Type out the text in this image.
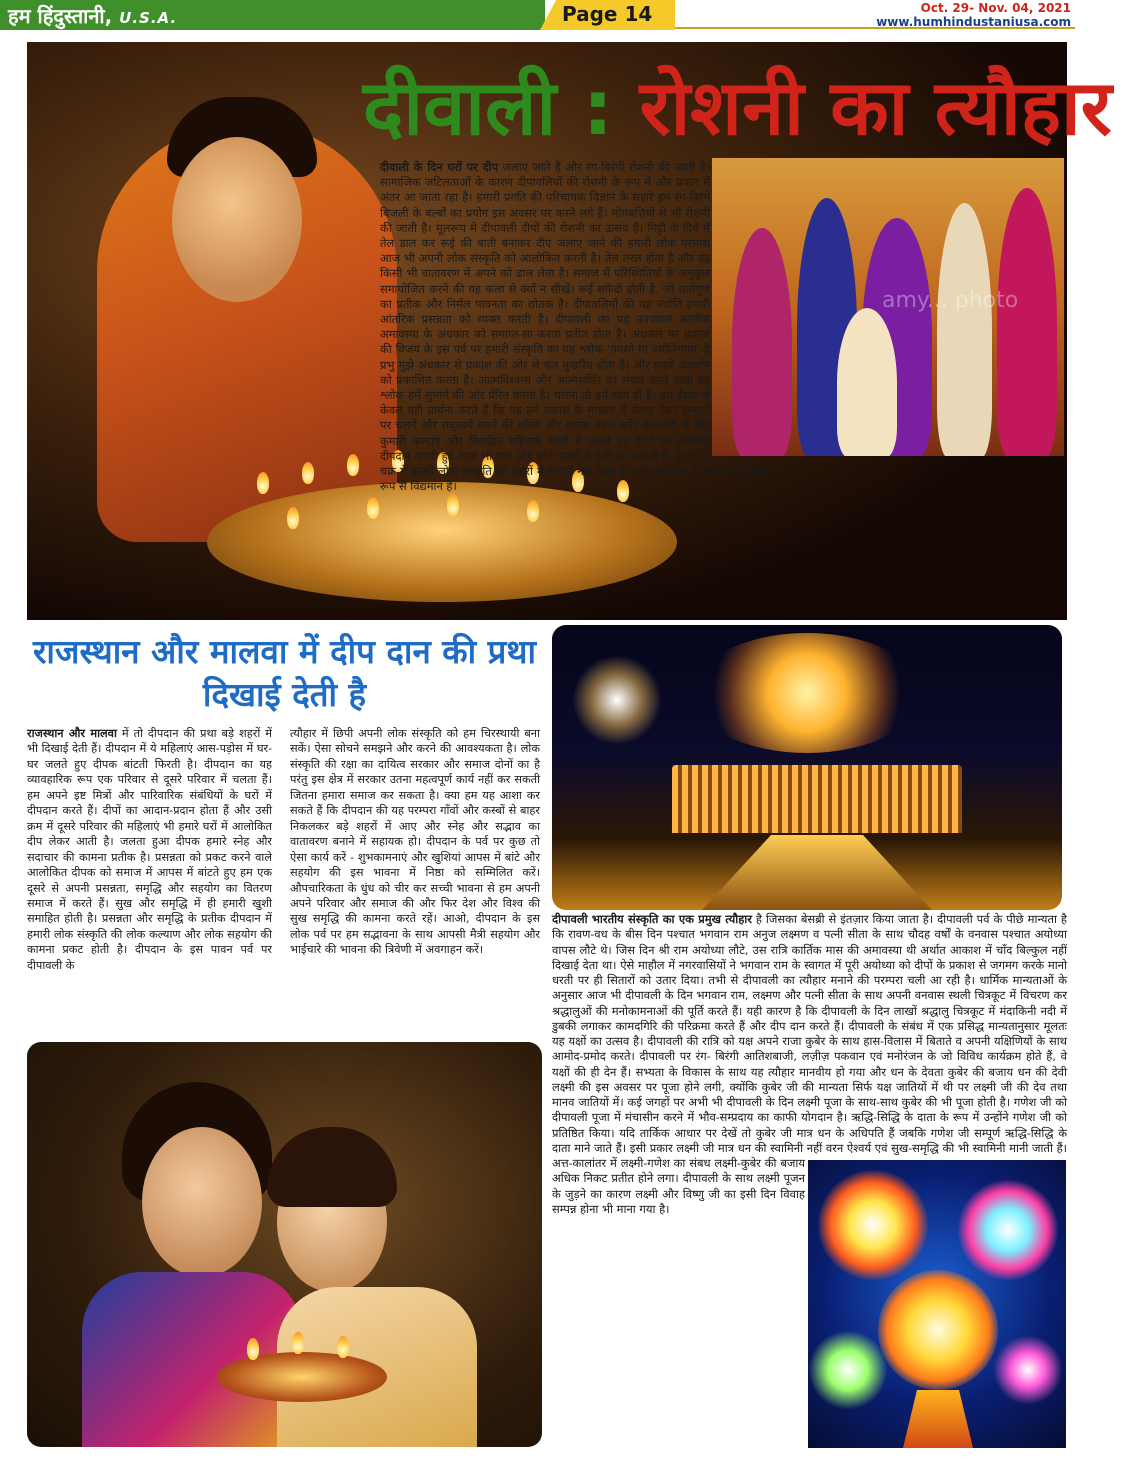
हम हिंदुस्तानी, U.S.A.	Page 14	Oct. 29- Nov. 04, 2021
www.humhindustaniusa.com
amy... photo
दीवाली : रोशनी का त्यौहार
दीवाली के दिन घरों पर दीप जलाए जाते हैं और रंग-बिरंगी रोशनी की जाती है। सामाजिक जटिलताओं के कारण दीपावलियों की रोशनी के रूप में और प्रकार में अंतर आ जाता रहा है। हमारी प्रगति की परिचायक विज्ञान के सहारे हम रंग-बिरंगे बिजली के बल्बों का प्रयोग इस अवसर पर करने लगे हैं। मोमबत्तियों से भी रोशनी की जाती है। मूलरूप मे दीपावली दीपों की रोशनी का उत्सव हैं। मिट्टी के दिये में तेल डाल कर रूई की बाती बनाकर दीए जलाए जाने की हमारी लोक परम्परा आज भी अपनी लोक संस्कृति को आलोकित करती है। तेल तरल होता है और वह किसी भी वातावरण में अपने को ढाल लेता है। समाज में परिस्थितियों के अनुकूल समायोजित करने की यह कला से क्यों न सीखें। रूई सफेदी होती है, जो सतोगुण का प्रतीक और निर्मल पावनता का द्योतक है। दीपावलियों की यह ज्योति हमारी आंतरिक प्रसन्नता को व्यक्त करती है। दीपावली का यह उज्जवल आलोक अमावस्या के अंधकार को समाप्त-सा करता प्रतीत होता है। अंधकार पर प्रकाश की विजय के इस पर्व पर हमारी संस्कृति का यह श्लोक 'तमसो मां ज्योर्तिगमय' हे प्रभु मुझे अंधकार से प्रकाश की ओर ले चल मुखरित होता है। और हमारे अंतर्ज्ञान को प्रकाशित करता है। आत्मविश्वास और आत्मशक्ति का संचार करने वाला यह श्लोक हमें सुमार्ग की ओर प्रेरित करता है। चलना तो हमें स्वयं ही है। हम ईश्वर से केवल यही प्रार्थना करते हैं कि वह हमें प्रकाश के माध्यम से प्रेरणा देकर सन्मार्ग पर चलने और सद्कार्य करने की शक्ति और क्षमता प्रदान करे। दीपावली के दिन कुमारी कन्याएं और विवाहित महिलाएं थाली में जलते हुए दीपों को सजाकर दीपदान करती हुई आज भी गांव और छोटे कस्बों में देखी जा सकती हैं। समय के चक्र में हमारी लोक संस्कृति को शहरों में पनपने नहीं दिया है। परंतु वह गांव में आज भी मौलिक रूप से विद्यमान है।
राजस्थान और मालवा में दीप दान की प्रथा दिखाई देती है
राजस्थान और मालवा में तो दीपदान की प्रथा बड़े शहरों में भी दिखाई देती हैं। दीपदान में ये महिलाएं आस-पड़ोस में घर-घर जलते हुए दीपक बांटती फिरती है। दीपदान का यह व्यावहारिक रूप एक परिवार से दूसरे परिवार में चलता हैं। हम अपने इष्ट मित्रों और पारिवारिक संबंधियों के घरों में दीपदान करते हैं। दीपों का आदान-प्रदान होता हैं और उसी क्रम में दूसरे परिवार की महिलाएं भी हमारे घरों में आलोकित दीप लेकर आती है। जलता हुआ दीपक हमारे स्नेह और सदाचार की कामना प्रतीक है। प्रसन्नता को प्रकट करने वाले आलोकित दीपक को समाज में आपस में बांटते हुए हम एक दूसरे से अपनी प्रसन्नता, समृद्धि और सहयोग का वितरण समाज में करते हैं। सुख और समृद्धि में ही हमारी खुशी समाहित होती है। प्रसन्नता और समृद्धि के प्रतीक दीपदान में हमारी लोक संस्कृति की लोक कल्याण और लोक सहयोग की कामना प्रकट होती है। दीपदान के इस पावन पर्व पर दीपावली के
त्यौहार में छिपी अपनी लोक संस्कृति को हम चिरस्थायी बना सकें। ऐसा सोचने समझने और करने की आवश्यकता है। लोक संस्कृति की रक्षा का दायित्व सरकार और समाज दोनों का है परंतु इस क्षेत्र में सरकार उतना महत्वपूर्ण कार्य नहीं कर सकती जितना हमारा समाज कर सकता है। क्या हम यह आशा कर सकते हैं कि दीपदान की यह परम्परा गाँवों और कस्बों से बाहर निकलकर बड़े शहरों में आए और स्नेह और सद्भाव का वातावरण बनाने में सहायक हो। दीपदान के पर्व पर कुछ तो ऐसा कार्य करें - शुभकामनाएं और खुशियां आपस में बांटे और सहयोग की इस भावना में निष्ठा को सम्मिलित करें। औपचारिकता के धुंध को चीर कर सच्ची भावना से हम अपनी अपने परिवार और समाज की और फिर देश और विश्व की सुख समृद्धि की कामना करते रहें। आओ, दीपदान के इस लोक पर्व पर हम सद्भावना के साथ आपसी मैत्री सहयोग और भाईचारे की भावना की त्रिवेणी में अवगाहन करें।
दीपावली भारतीय संस्कृति का एक प्रमुख त्यौहार है जिसका बेसब्री से इंतज़ार किया जाता है। दीपावली पर्व के पीछे मान्यता है कि रावण-वध के बीस दिन पश्चात भगवान राम अनुज लक्ष्मण व पत्नी सीता के साथ चौदह वर्षों के वनवास पश्चात अयोध्या वापस लौटे थे। जिस दिन श्री राम अयोध्या लौटे, उस रात्रि कार्तिक मास की अमावस्या थी अर्थात आकाश में चाँद बिल्कुल नहीं दिखाई देता था। ऐसे माहौल में नगरवासियों ने भगवान राम के स्वागत में पूरी अयोध्या को दीपों के प्रकाश से जगमग करके मानो धरती पर ही सितारों को उतार दिया। तभी से दीपावली का त्यौहार मनाने की परम्परा चली आ रही है। धार्मिक मान्यताओं के अनुसार आज भी दीपावली के दिन भगवान राम, लक्ष्मण और पत्नी सीता के साथ अपनी वनवास स्थली चित्रकूट में विचरण कर श्रद्धालुओं की मनोकामनाओं की पूर्ति करते हैं। यही कारण है कि दीपावली के दिन लाखों श्रद्धालु चित्रकूट में मंदाकिनी नदी में डुबकी लगाकर कामदगिरि की परिक्रमा करते हैं और दीप दान करते हैं। दीपावली के संबंध में एक प्रसिद्ध मान्यतानुसार मूलतः यह यक्षों का उत्सव है। दीपावली की रात्रि को यक्ष अपने राजा कुबेर के साथ हास-विलास में बिताते व अपनी यक्षिणियों के साथ आमोद-प्रमोद करते। दीपावली पर रंग- बिरंगी आतिशबाजी, लज़ीज़ पकवान एवं मनोरंजन के जो विविध कार्यक्रम होते हैं, वे यक्षों की ही देन हैं। सभ्यता के विकास के साथ यह त्यौहार मानवीय हो गया और धन के देवता कुबेर की बजाय धन की देवी लक्ष्मी की इस अवसर पर पूजा होने लगी, क्योंकि कुबेर जी की मान्यता सिर्फ यक्ष जातियों में थी पर लक्ष्मी जी की देव तथा मानव जातियों में। कई जगहों पर अभी भी दीपावली के दिन लक्ष्मी पूजा के साथ-साथ कुबेर की भी पूजा होती है। गणेश जी को दीपावली पूजा में मंचासीन करने में भौव-सम्प्रदाय का काफी योगदान है। ऋद्धि-सिद्धि के दाता के रूप में उन्होंने गणेश जी को प्रतिष्ठित किया। यदि तार्किक आधार पर देखें तो कुबेर जी मात्र धन के अधिपति हैं जबकि गणेश जी सम्पूर्ण ऋद्धि-सिद्धि के दाता माने जाते हैं। इसी प्रकार लक्ष्मी जी मात्र धन की स्वामिनी नहीं वरन ऐश्वर्य एवं सुख-समृद्धि की भी स्वामिनी मानी जाती हैं। अत्त-कालांतर में लक्ष्मी-गणेश का संबध लक्ष्मी-कुबेर की बजाय अधिक निकट प्रतीत होने लगा। दीपावली के साथ लक्ष्मी पूजन के जुड़ने का कारण लक्ष्मी और विष्णु जी का इसी दिन विवाह सम्पन्न होना भी माना गया है।
